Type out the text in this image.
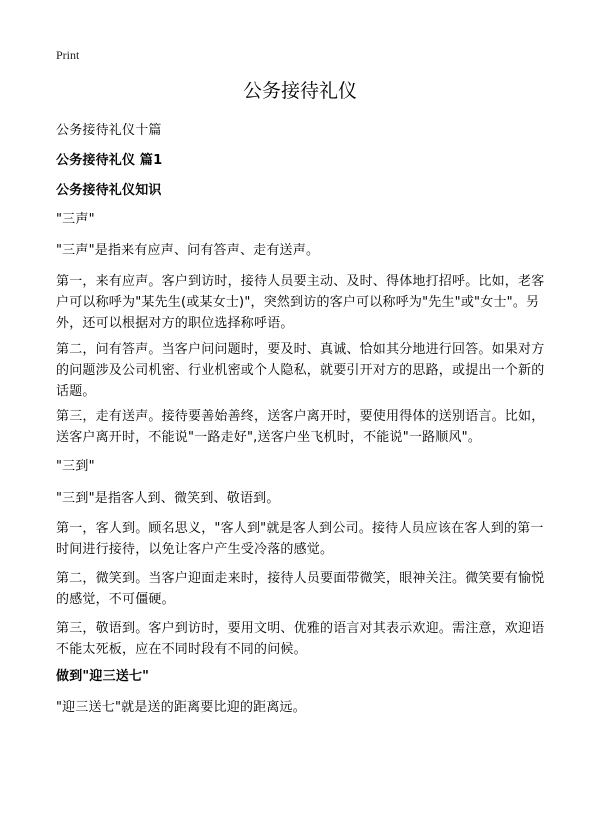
Print
公务接待礼仪

公务接待礼仪十篇

公务接待礼仪 篇1

公务接待礼仪知识

"三声"

"三声"是指来有应声、问有答声、走有送声。

第一，来有应声。客户到访时，接待人员要主动、及时、得体地打招呼。比如，老客户可以称呼为"某先生(或某女士)"，突然到访的客户可以称呼为"先生"或"女士"。另外，还可以根据对方的职位选择称呼语。

第二，问有答声。当客户问问题时，要及时、真诚、恰如其分地进行回答。如果对方的问题涉及公司机密、行业机密或个人隐私，就要引开对方的思路，或提出一个新的话题。

第三，走有送声。接待要善始善终，送客户离开时，要使用得体的送别语言。比如，送客户离开时，不能说"一路走好",送客户坐飞机时，不能说"一路顺风"。

"三到"

"三到"是指客人到、微笑到、敬语到。

第一，客人到。顾名思义，"客人到"就是客人到公司。接待人员应该在客人到的第一时间进行接待，以免让客户产生受冷落的感觉。

第二，微笑到。当客户迎面走来时，接待人员要面带微笑，眼神关注。微笑要有愉悦的感觉，不可僵硬。

第三，敬语到。客户到访时，要用文明、优雅的语言对其表示欢迎。需注意，欢迎语不能太死板，应在不同时段有不同的问候。

做到"迎三送七"

"迎三送七"就是送的距离要比迎的距离远。
